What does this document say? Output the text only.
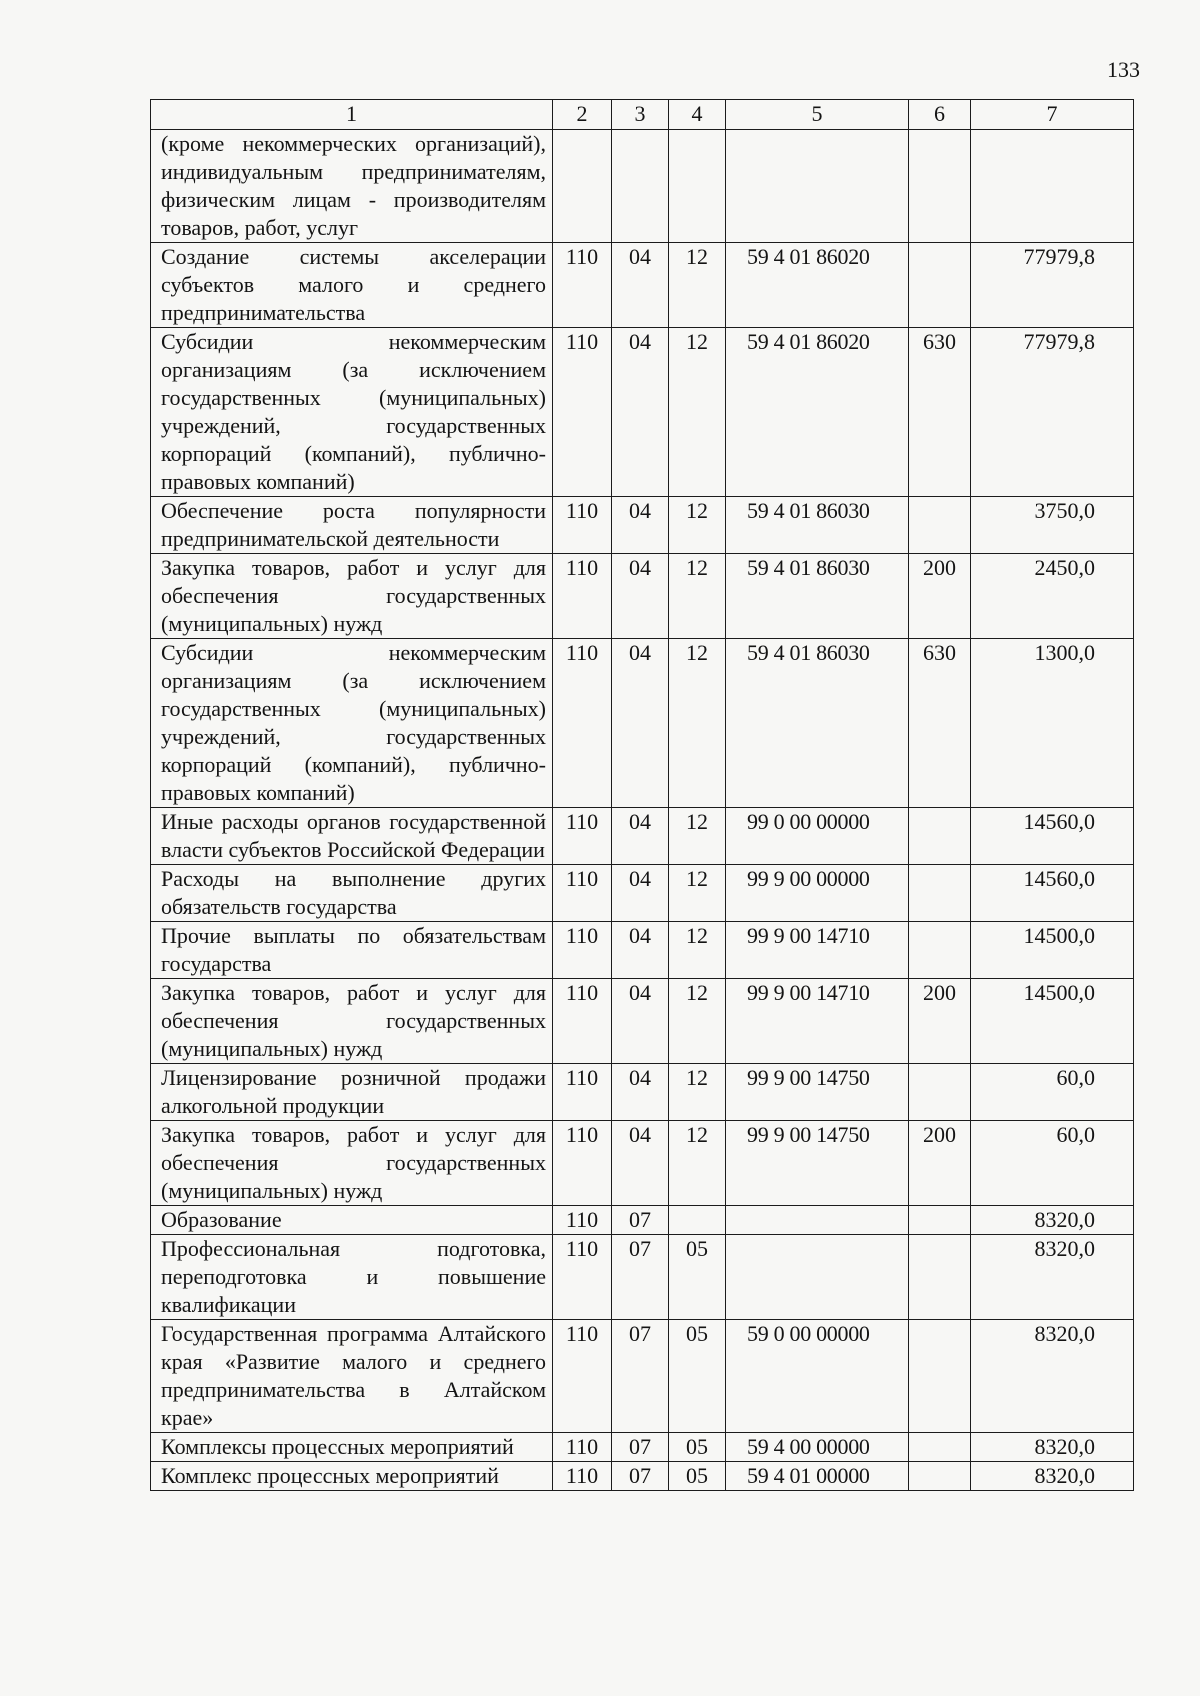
133
1	2	3	4	5	6	7
(кроме некоммерческих организаций), индивидуальным предпринимателям, физическим лицам - производителям товаров, работ, услуг						
Создание системы акселерации субъектов малого и среднего предпринимательства	110	04	12	59 4 01 86020		77979,8
Субсидии некоммерческим организациям (за исключением государственных (муниципальных) учреждений, государственных корпораций (компаний), публично-правовых компаний)	110	04	12	59 4 01 86020	630	77979,8
Обеспечение роста популярности предпринимательской деятельности	110	04	12	59 4 01 86030		3750,0
Закупка товаров, работ и услуг для обеспечения государственных (муниципальных) нужд	110	04	12	59 4 01 86030	200	2450,0
Субсидии некоммерческим организациям (за исключением государственных (муниципальных) учреждений, государственных корпораций (компаний), публично-правовых компаний)	110	04	12	59 4 01 86030	630	1300,0
Иные расходы органов государственной власти субъектов Российской Федерации	110	04	12	99 0 00 00000		14560,0
Расходы на выполнение других обязательств государства	110	04	12	99 9 00 00000		14560,0
Прочие выплаты по обязательствам государства	110	04	12	99 9 00 14710		14500,0
Закупка товаров, работ и услуг для обеспечения государственных (муниципальных) нужд	110	04	12	99 9 00 14710	200	14500,0
Лицензирование розничной продажи алкогольной продукции	110	04	12	99 9 00 14750		60,0
Закупка товаров, работ и услуг для обеспечения государственных (муниципальных) нужд	110	04	12	99 9 00 14750	200	60,0
Образование	110	07				8320,0
Профессиональная подготовка, переподготовка и повышение квалификации	110	07	05			8320,0
Государственная программа Алтайского края «Развитие малого и среднего предпринимательства в Алтайском крае»	110	07	05	59 0 00 00000		8320,0
Комплексы процессных мероприятий	110	07	05	59 4 00 00000		8320,0
Комплекс процессных мероприятий	110	07	05	59 4 01 00000		8320,0
